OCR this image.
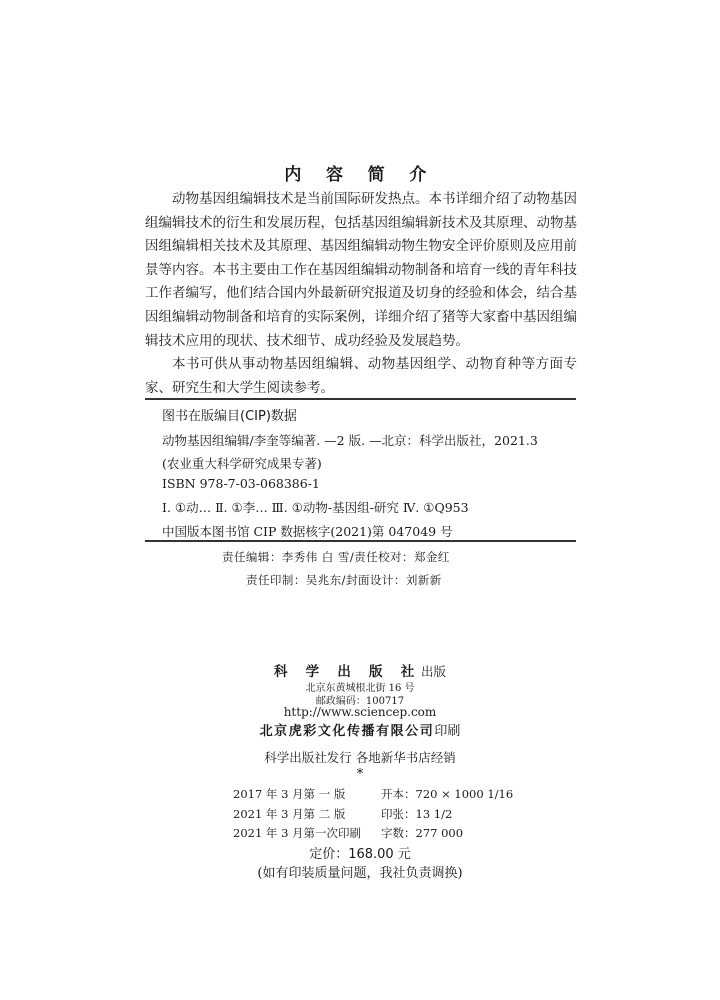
内 容 简 介

动物基因组编辑技术是当前国际研发热点。本书详细介绍了动物基因组编辑技术的衍生和发展历程，包括基因组编辑新技术及其原理、动物基因组编辑相关技术及其原理、基因组编辑动物生物安全评价原则及应用前景等内容。本书主要由工作在基因组编辑动物制备和培育一线的青年科技工作者编写，他们结合国内外最新研究报道及切身的经验和体会，结合基因组编辑动物制备和培育的实际案例，详细介绍了猪等大家畜中基因组编辑技术应用的现状、技术细节、成功经验及发展趋势。

本书可供从事动物基因组编辑、动物基因组学、动物育种等方面专家、研究生和大学生阅读参考。

图书在版编目(CIP)数据
动物基因组编辑/李奎等编著. —2 版. —北京：科学出版社，2021.3
(农业重大科学研究成果专著)
ISBN 978-7-03-068386-1
Ⅰ. ①动… Ⅱ. ①李… Ⅲ. ①动物-基因组-研究 Ⅳ. ①Q953
中国版本图书馆 CIP 数据核字(2021)第 047049 号
责任编辑：李秀伟 白 雪/责任校对：郑金红
责任印制：吴兆东/封面设计：刘新新
科 学 出 版 社出版
北京东黄城根北街 16 号
邮政编码：100717
http://www.sciencep.com
北京虎彩文化传播有限公司印刷
科学出版社发行 各地新华书店经销
*
2017 年 3 月第 一 版	开本：720 × 1000 1/16
2021 年 3 月第 二 版	印张：13 1/2
2021 年 3 月第一次印刷 字数：277 000
定价：168.00 元
(如有印装质量问题，我社负责调换)
